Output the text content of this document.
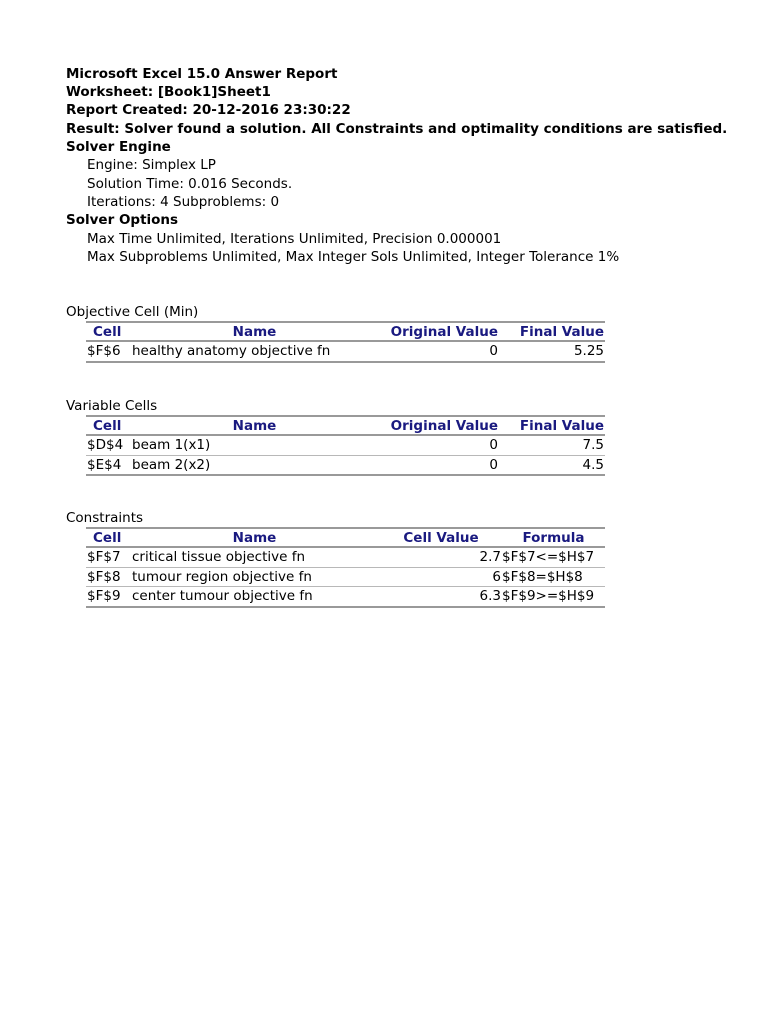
Microsoft Excel 15.0 Answer Report
Worksheet: [Book1]Sheet1
Report Created: 20-12-2016 23:30:22
Result: Solver found a solution. All Constraints and optimality conditions are satisfied.
Solver Engine
Engine: Simplex LP
Solution Time: 0.016 Seconds.
Iterations: 4 Subproblems: 0
Solver Options
Max Time Unlimited, Iterations Unlimited, Precision 0.000001
Max Subproblems Unlimited, Max Integer Sols Unlimited, Integer Tolerance 1%
Objective Cell (Min)
Cell	Name	Original Value	Final Value
$F$6 healthy anatomy objective fn	0	5.25
Variable Cells
Cell	Name	Original Value	Final Value
$D$4 beam 1(x1)	0	7.5
$E$4 beam 2(x2)	0	4.5
Constraints
Cell	Name	Cell Value	Formula
$F$7 critical tissue objective fn	2.7 $F$7<=$H$7
$F$8 tumour region objective fn	6 $F$8=$H$8
$F$9 center tumour objective fn	6.3 $F$9>=$H$9
